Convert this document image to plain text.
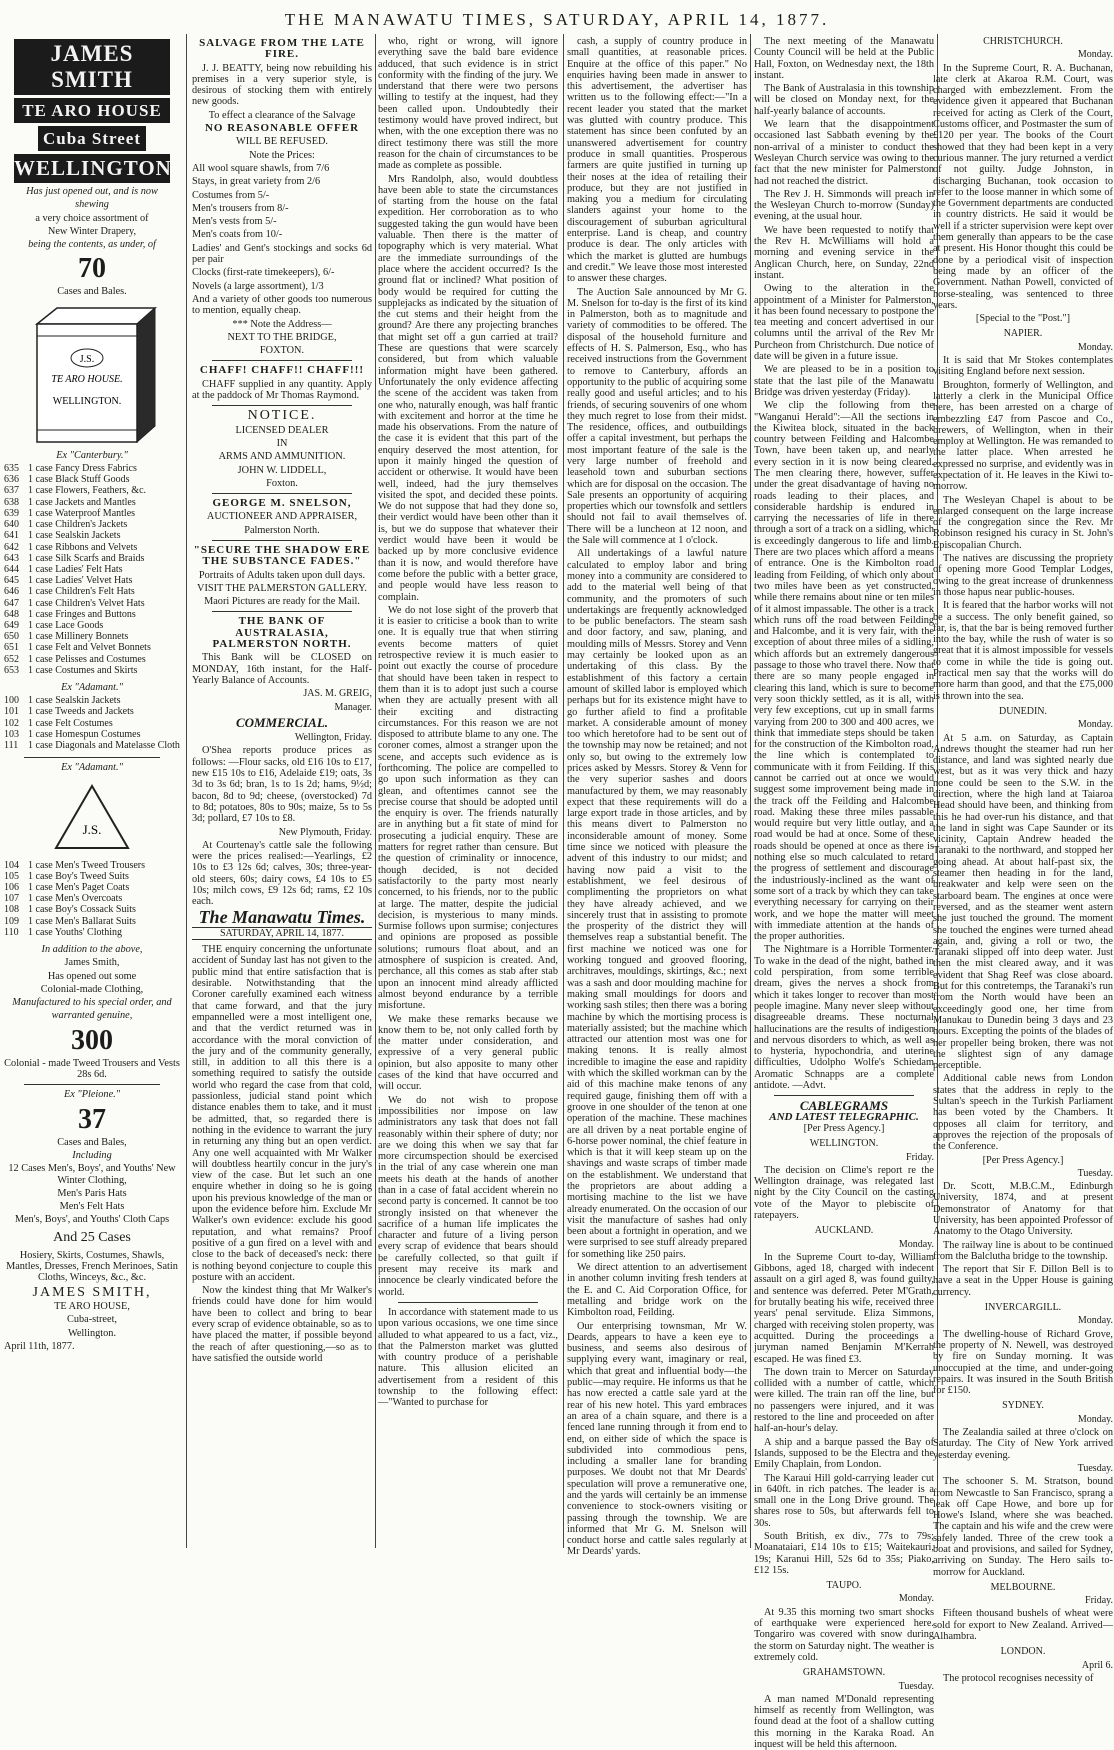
THE MANAWATU TIMES, SATURDAY, APRIL 14, 1877.
JAMES SMITH
TE ARO HOUSE
Cuba Street
WELLINGTON

Has just opened out, and is now

shewing

a very choice assortment of

New Winter Drapery,

being the contents, as under, of

70

Cases and Bales.

J.S.
TE ARO HOUSE.
WELLINGTON.

Ex "Canterbury."

635 1 case Fancy Dress Fabrics
636 1 case Black Stuff Goods
637 1 case Flowers, Feathers, &c.
638 1 case Jackets and Mantles
639 1 case Waterproof Mantles
640 1 case Children's Jackets
641 1 case Sealskin Jackets
642 1 case Ribbons and Velvets
643 1 case Silk Scarfs and Braids
644 1 case Ladies' Felt Hats
645 1 case Ladies' Velvet Hats
646 1 case Children's Felt Hats
647 1 case Children's Velvet Hats
648 1 case Fringes and Buttons
649 1 case Lace Goods
650 1 case Millinery Bonnets
651 1 case Felt and Velvet Bonnets
652 1 case Pelisses and Costumes
653 1 case Costumes and Skirts

Ex "Adamant."

100 1 case Sealskin Jackets
101 1 case Tweeds and Jackets
102 1 case Felt Costumes
103 1 case Homespun Costumes
111 1 case Diagonals and Matelasse Cloth

Ex "Adamant."

J.S.
104 1 case Men's Tweed Trousers
105 1 case Boy's Tweed Suits
106 1 case Men's Paget Coats
107 1 case Men's Overcoats
108 1 case Boy's Cossack Suits
109 1 case Men's Ballarat Suits
110 1 case Youths' Clothing

In addition to the above,

James Smith,

Has opened out some

Colonial-made Clothing,

Manufactured to his special order, and

warranted genuine,

300

Colonial - made Tweed Trousers and Vests 28s 6d.

Ex "Pleione."

37

Cases and Bales,

Including

12 Cases Men's, Boys', and Youths' New Winter Clothing,

Men's Paris Hats

Men's Felt Hats

Men's, Boys', and Youths' Cloth Caps

And 25 Cases

Hosiery, Skirts, Costumes, Shawls, Mantles, Dresses, French Merinoes, Satin Cloths, Winceys, &c., &c.

JAMES SMITH,

TE ARO HOUSE,

Cuba-street,

Wellington.

April 11th, 1877.

SALVAGE FROM THE LATE FIRE.

J. J. BEATTY, being now rebuilding his premises in a very superior style, is desirous of stocking them with entirely new goods.

To effect a clearance of the Salvage

NO REASONABLE OFFER

WILL BE REFUSED.

Note the Prices:

All wool square shawls, from 7/6

Stays, in great variety from 2/6

Costumes from 5/-

Men's trousers from 8/-

Men's vests from 5/-

Men's coats from 10/-

Ladies' and Gent's stockings and socks 6d per pair

Clocks (first-rate timekeepers), 6/-

Novels (a large assortment), 1/3

And a variety of other goods too numerous to mention, equally cheap.

*** Note the Address—

NEXT TO THE BRIDGE,

FOXTON.

CHAFF! CHAFF!! CHAFF!!!

CHAFF supplied in any quantity. Apply at the paddock of Mr Thomas Raymond.

NOTICE.

LICENSED DEALER

IN

ARMS AND AMMUNITION.

JOHN W. LIDDELL,

Foxton.

GEORGE M. SNELSON,

AUCTIONEER AND APPRAISER,

Palmerston North.

"SECURE THE SHADOW ERE THE SUBSTANCE FADES."

Portraits of Adults taken upon dull days.

VISIT THE PALMERSTON GALLERY.

Maori Pictures are ready for the Mail.

THE BANK OF AUSTRALASIA, PALMERSTON NORTH.

This Bank will be CLOSED on MONDAY, 16th instant, for the Half-Yearly Balance of Accounts.

JAS. M. GREIG,

Manager.

COMMERCIAL.

Wellington, Friday.

O'Shea reports produce prices as follows: —Flour sacks, old £16 10s to £17, new £15 10s to £16, Adelaide £19; oats, 3s 3d to 3s 6d; bran, 1s to 1s 2d; hams, 9½d; bacon, 8d to 9d; cheese, (overstocked) 7d to 8d; potatoes, 80s to 90s; maize, 5s to 5s 3d; pollard, £7 10s to £8.

New Plymouth, Friday.

At Courtenay's cattle sale the following were the prices realised:—Yearlings, £2 10s to £3 12s 6d; calves, 30s; three-year-old steers, 60s; dairy cows, £4 10s to £5 10s; milch cows, £9 12s 6d; rams, £2 10s each.

The Manawatu Times.
SATURDAY, APRIL 14, 1877.

THE enquiry concerning the unfortunate accident of Sunday last has not given to the public mind that entire satisfaction that is desirable. Notwithstanding that the Coroner carefully examined each witness that came forward, and that the jury empannelled were a most intelligent one, and that the verdict returned was in accordance with the moral conviction of the jury and of the community generally, still, in addition to all this there is a something required to satisfy the outside world who regard the case from that cold, passionless, judicial stand point which distance enables them to take, and it must be admitted, that, so regarded there is nothing in the evidence to warrant the jury in returning any thing but an open verdict. Any one well acquainted with Mr Walker will doubtless heartily concur in the jury's view of the case. But let such an one enquire whether in doing so he is going upon his previous knowledge of the man or upon the evidence before him. Exclude Mr Walker's own evidence: exclude his good reputation, and what remains? Proof positive of a gun fired on a level with and close to the back of deceased's neck: there is nothing beyond conjecture to couple this posture with an accident.

Now the kindest thing that Mr Walker's friends could have done for him would have been to collect and bring to bear every scrap of evidence obtainable, so as to have placed the matter, if possible beyond the reach of after questioning,—so as to have satisfied the outside world

who, right or wrong, will ignore everything save the bald bare evidence adduced, that such evidence is in strict conformity with the finding of the jury. We understand that there were two persons willing to testify at the inquest, had they been called upon. Undoubtedly their testimony would have proved indirect, but when, with the one exception there was no direct testimony there was still the more reason for the chain of circumstances to be made as complete as possible.

Mrs Randolph, also, would doubtless have been able to state the circumstances of starting from the house on the fatal expedition. Her corroboration as to who suggested taking the gun would have been valuable. Then there is the matter of topography which is very material. What are the immediate surroundings of the place where the accident occurred? Is the ground flat or inclined? What position of body would be required for cutting the supplejacks as indicated by the situation of the cut stems and their height from the ground? Are there any projecting branches that might set off a gun carried at trail? These are questions that were scarcely considered, but from which valuable information might have been gathered. Unfortunately the only evidence affecting the scene of the accident was taken from one who, naturally enough, was half frantic with excitement and horror at the time he made his observations. From the nature of the case it is evident that this part of the enquiry deserved the most attention, for upon it mainly hinged the question of accident or otherwise. It would have been well, indeed, had the jury themselves visited the spot, and decided these points. We do not suppose that had they done so, their verdict would have been other than it is, but we do suppose that whatever their verdict would have been it would be backed up by more conclusive evidence than it is now, and would therefore have come before the public with a better grace, and people would have less reason to complain.

We do not lose sight of the proverb that it is easier to criticise a book than to write one. It is equally true that when stirring events become matters of quiet retrospective review it is much easier to point out exactly the course of procedure that should have been taken in respect to them than it is to adopt just such a course when they are actually present with all their exciting and distracting circumstances. For this reason we are not disposed to attribute blame to any one. The coroner comes, almost a stranger upon the scene, and accepts such evidence as is forthcoming. The police are compelled to go upon such information as they can glean, and oftentimes cannot see the precise course that should be adopted until the enquiry is over. The friends naturally are in anything but a fit state of mind for prosecuting a judicial enquiry. These are matters for regret rather than censure. But the question of criminality or innocence, though decided, is not decided satisfactorily to the party most nearly concerned, to his friends, nor to the public at large. The matter, despite the judicial decision, is mysterious to many minds. Surmise follows upon surmise; conjectures and opinions are proposed as possible solutions; rumours float about, and an atmosphere of suspicion is created. And, perchance, all this comes as stab after stab upon an innocent mind already afflicted almost beyond endurance by a terrible misfortune.

We make these remarks because we know them to be, not only called forth by the matter under consideration, and expressive of a very general public opinion, but also apposite to many other cases of the kind that have occurred and will occur.

We do not wish to propose impossibilities nor impose on law administrators any task that does not fall reasonably within their sphere of duty; nor are we doing this when we say that far more circumspection should be exercised in the trial of any case wherein one man meets his death at the hands of another than in a case of fatal accident wherein no second party is concerned. It cannot be too strongly insisted on that whenever the sacrifice of a human life implicates the character and future of a living person every scrap of evidence that bears should be carefully collected, so that guilt if present may receive its mark and innocence be clearly vindicated before the world.

In accordance with statement made to us upon various occasions, we one time since alluded to what appeared to us a fact, viz., that the Palmerston market was glutted with country produce of a perishable nature. This allusion elicited an advertisement from a resident of this township to the following effect:—"Wanted to purchase for

cash, a supply of country produce in small quantities, at reasonable prices. Enquire at the office of this paper." No enquiries having been made in answer to this advertisement, the advertiser has written us to the following effect:—"In a recent leader you stated that the market was glutted with country produce. This statement has since been confuted by an unanswered advertisement for country produce in small quantities. Prosperous farmers are quite justified in turning up their noses at the idea of retailing their produce, but they are not justified in making you a medium for circulating slanders against your home to the discouragement of suburban agricultural enterprise. Land is cheap, and country produce is dear. The only articles with which the market is glutted are humbugs and credit." We leave those most interested to answer these charges.

The Auction Sale announced by Mr G. M. Snelson for to-day is the first of its kind in Palmerston, both as to magnitude and variety of commodities to be offered. The disposal of the household furniture and effects of H. S. Palmerson, Esq., who has received instructions from the Government to remove to Canterbury, affords an opportunity to the public of acquiring some really good and useful articles; and to his friends, of securing souvenirs of one whom they much regret to lose from their midst. The residence, offices, and outbuildings offer a capital investment, but perhaps the most important feature of the sale is the very large number of freehold and leasehold town and suburban sections which are for disposal on the occasion. The Sale presents an opportunity of acquiring properties which our townsfolk and settlers should not fail to avail themselves of. There will be a luncheon at 12 noon, and the Sale will commence at 1 o'clock.

All undertakings of a lawful nature calculated to employ labor and bring money into a community are considered to add to the material well being of that community, and the promoters of such undertakings are frequently acknowledged to be public benefactors. The steam sash and door factory, and saw, planing, and moulding mills of Messrs. Storey and Venn may certainly be looked upon as an undertaking of this class. By the establishment of this factory a certain amount of skilled labor is employed which perhaps but for its existence might have to go further afield to find a profitable market. A considerable amount of money too which heretofore had to be sent out of the township may now be retained; and not only so, but owing to the extremely low prices asked by Messrs. Storey & Venn for the very superior sashes and doors manufactured by them, we may reasonably expect that these requirements will do a large export trade in those articles, and by this means divert to Palmerston no inconsiderable amount of money. Some time since we noticed with pleasure the advent of this industry to our midst; and having now paid a visit to the establishment, we feel desirous of complimenting the proprietors on what they have already achieved, and we sincerely trust that in assisting to promote the prosperity of the district they will themselves reap a substantial benefit. The first machine we noticed was one for working tongued and grooved flooring, architraves, mouldings, skirtings, &c.; next was a sash and door moulding machine for making small mouldings for doors and working sash stiles; then there was a boring machine by which the mortising process is materially assisted; but the machine which attracted our attention most was one for making tenons. It is really almost incredible to imagine the ease and rapidity with which the skilled workman can by the aid of this machine make tenons of any required gauge, finishing them off with a groove in one shoulder of the tenon at one operation of the machine. These machines are all driven by a neat portable engine of 6-horse power nominal, the chief feature in which is that it will keep steam up on the shavings and waste scraps of timber made on the establishment. We understand that the proprietors are about adding a mortising machine to the list we have already enumerated. On the occasion of our visit the manufacture of sashes had only been about a fortnight in operation, and we were surprised to see stuff already prepared for something like 250 pairs.

We direct attention to an advertisement in another column inviting fresh tenders at the E. and C. Aid Corporation Office, for metalling and bridge work on the Kimbolton road, Feilding.

Our enterprising townsman, Mr W. Deards, appears to have a keen eye to business, and seems also desirous of supplying every want, imaginary or real, which that great and influential body—the public—may require. He informs us that he has now erected a cattle sale yard at the rear of his new hotel. This yard embraces an area of a chain square, and there is a fenced lane running through it from end to end, on either side of which the space is subdivided into commodious pens, including a smaller lane for branding purposes. We doubt not that Mr Deards' speculation will prove a remunerative one, and the yards will certainly be an immense convenience to stock-owners visiting or passing through the township. We are informed that Mr G. M. Snelson will conduct horse and cattle sales regularly at Mr Deards' yards.

The next meeting of the Manawatu County Council will be held at the Public Hall, Foxton, on Wednesday next, the 18th instant.

The Bank of Australasia in this township will be closed on Monday next, for the half-yearly balance of accounts.

We learn that the disappointment occasioned last Sabbath evening by the non-arrival of a minister to conduct the Wesleyan Church service was owing to the fact that the new minister for Palmerston had not reached the district.

The Rev J. H. Simmonds will preach in the Wesleyan Church to-morrow (Sunday) evening, at the usual hour.

We have been requested to notify that the Rev H. McWilliams will hold a morning and evening service in the Anglican Church, here, on Sunday, 22nd instant.

Owing to the alteration in the appointment of a Minister for Palmerston, it has been found necessary to postpone the tea meeting and concert advertised in our columns until the arrival of the Rev Mr Purcheon from Christchurch. Due notice of date will be given in a future issue.

We are pleased to be in a position to state that the last pile of the Manawatu Bridge was driven yesterday (Friday).

We clip the following from the "Wanganui Herald":—All the sections in the Kiwitea block, situated in the back country between Feilding and Halcombe Town, have been taken up, and nearly every section in it is now being cleared. The men clearing there, however, suffer under the great disadvantage of having no roads leading to their places, and considerable hardship is endured in carrying the necessaries of life in there through a sort of a track on a sidling, which is exceedingly dangerous to life and limb. There are two places which afford a means of entrance. One is the Kimbolton road leading from Feilding, of which only about two miles have been as yet constructed, while there remains about nine or ten miles of it almost impassable. The other is a track which runs off the road between Feilding and Halcombe, and it is very fair, with the exception of about three miles of a sidling, which affords but an extremely dangerous passage to those who travel there. Now that there are so many people engaged in clearing this land, which is sure to become very soon thickly settled, as it is all, with very few exceptions, cut up in small farms varying from 200 to 300 and 400 acres, we think that immediate steps should be taken for the construction of the Kimbolton road, the line which is contemplated to communicate with it from Feilding. If this cannot be carried out at once we would suggest some improvement being made in the track off the Feilding and Halcombe road. Making these three miles passable would require but very little outlay, and a road would be had at once. Some of these roads should be opened at once as there is nothing else so much calculated to retard the progress of settlement and discourage the industriously-inclined as the want of some sort of a track by which they can take everything necessary for carrying on their work, and we hope the matter will meet with immediate attention at the hands of the proper authorities.

The Nightmare is a Horrible Tormenter. To wake in the dead of the night, bathed in cold perspiration, from some terrible dream, gives the nerves a shock from which it takes longer to recover than most people imagine. Many never sleep without disagreeable dreams. These nocturnal hallucinations are the results of indigestion and nervous disorders to which, as well as to hysteria, hypochondria, and uterine difficulties, Udolpho Wolfe's Schiedam Aromatic Schnapps are a complete antidote. —Advt.

CABLEGRAMS
AND LATEST TELEGRAPHIC.

[Per Press Agency.]

WELLINGTON.

Friday.

The decision on Clime's report re the Wellington drainage, was relegated last night by the City Council on the casting vote of the Mayor to plebiscite of ratepayers.

AUCKLAND.

Monday.

In the Supreme Court to-day, William Gibbons, aged 18, charged with indecent assault on a girl aged 8, was found guilty, and sentence was deferred. Peter M'Grath, for brutally beating his wife, received three years' penal servitude. Eliza Simmons, charged with receiving stolen property, was acquitted. During the proceedings a juryman named Benjamin M'Kerrah escaped. He was fined £3.

The down train to Mercer on Saturday collided with a number of cattle, which were killed. The train ran off the line, but no passengers were injured, and it was restored to the line and proceeded on after half-an-hour's delay.

A ship and a barque passed the Bay of Islands, supposed to be the Electra and the Emily Chaplain, from London.

The Karaui Hill gold-carrying leader cut in 640ft. in rich patches. The leader is a small one in the Long Drive ground. The shares rose to 50s, but afterwards fell to 30s.

South British, ex div., 77s to 79s; Moanataiari, £14 10s to £15; Waitekauri, 19s; Karanui Hill, 52s 6d to 35s; Piako, £12 15s.

TAUPO.

Monday.

At 9.35 this morning two smart shocks of earthquake were experienced here. Tongariro was covered with snow during the storm on Saturday night. The weather is extremely cold.

GRAHAMSTOWN.

Tuesday.

A man named M'Donald representing himself as recently from Wellington, was found dead at the foot of a shallow cutting this morning in the Karaka Road. An inquest will be held this afternoon.

CHRISTCHURCH.

Monday.

In the Supreme Court, R. A. Buchanan, late clerk at Akaroa R.M. Court, was charged with embezzlement. From the evidence given it appeared that Buchanan received for acting as Clerk of the Court, Customs officer, and Postmaster the sum of £120 per year. The books of the Court showed that they had been kept in a very curious manner. The jury returned a verdict of not guilty. Judge Johnston, in discharging Buchanan, took occasion to refer to the loose manner in which some of the Government departments are conducted in country districts. He said it would be well if a stricter supervision were kept over them generally than appears to be the case at present. His Honor thought this could be done by a periodical visit of inspection being made by an officer of the Government. Nathan Powell, convicted of horse-stealing, was sentenced to three years.

[Special to the "Post."]

NAPIER.

Monday.

It is said that Mr Stokes contemplates visiting England before next session.

Broughton, formerly of Wellington, and latterly a clerk in the Municipal Office here, has been arrested on a charge of embezzling £47 from Pascoe and Co., brewers, of Wellington, when in their employ at Wellington. He was remanded to the latter place. When arrested he expressed no surprise, and evidently was in expectation of it. He leaves in the Kiwi to-morrow.

The Wesleyan Chapel is about to be enlarged consequent on the large increase of the congregation since the Rev. Mr Robinson resigned his curacy in St. John's Episcopalian Church.

The natives are discussing the propriety of opening more Good Templar Lodges, owing to the great increase of drunkenness in those hapus near public-houses.

It is feared that the harbor works will not be a success. The only benefit gained, so far, is, that the bar is being removed further into the bay, while the rush of water is so great that it is almost impossible for vessels to come in while the tide is going out. Practical men say that the works will do more harm than good, and that the £75,000 is thrown into the sea.

DUNEDIN.

Monday.

At 5 a.m. on Saturday, as Captain Andrews thought the steamer had run her distance, and land was sighted nearly due west, but as it was very thick and hazy none could be seen to the S.W. in the direction, where the high land at Taiaroa Head should have been, and thinking from this he had over-run his distance, and that the land in sight was Cape Saunder or its vicinity, Captain Andrew headed the Taranaki to the northward, and stopped her going ahead. At about half-past six, the steamer then heading in for the land, breakwater and kelp were seen on the starboard beam. The engines at once were reversed, and as the steamer went astern she just touched the ground. The moment she touched the engines were turned ahead again, and, giving a roll or two, the Taranaki slipped off into deep water. Just then the mist cleared away, and it was evident that Shag Reef was close aboard. But for this contretemps, the Taranaki's run from the North would have been an exceedingly good one, her time from Manukau to Dunedin being 3 days and 23 hours. Excepting the points of the blades of her propeller being broken, there was not the slightest sign of any damage perceptible.

Additional cable news from London states that the address in reply to the Sultan's speech in the Turkish Parliament has been voted by the Chambers. It opposes all claim for territory, and approves the rejection of the proposals of the Conference.

[Per Press Agency.]

Tuesday.

Dr. Scott, M.B.C.M., Edinburgh University, 1874, and at present Demonstrator of Anatomy for that University, has been appointed Professor of Anatomy to the Otago University.

The railway line is about to be continued from the Balclutha bridge to the township.

The report that Sir F. Dillon Bell is to have a seat in the Upper House is gaining currency.

INVERCARGILL.

Monday.

The dwelling-house of Richard Grove, the property of N. Newell, was destroyed by fire on Sunday morning. It was unoccupied at the time, and under-going repairs. It was insured in the South British for £150.

SYDNEY.

Monday.

The Zealandia sailed at three o'clock on Saturday. The City of New York arrived yesterday evening.

Tuesday.

The schooner S. M. Stratson, bound from Newcastle to San Francisco, sprang a leak off Cape Howe, and bore up for Howe's Island, where she was beached. The captain and his wife and the crew were safely landed. Three of the crew took a boat and provisions, and sailed for Sydney, arriving on Sunday. The Hero sails to-morrow for Auckland.

MELBOURNE.

Friday.

Fifteen thousand bushels of wheat were sold for export to New Zealand. Arrived—Alhambra.

LONDON.

April 6.

The protocol recognises necessity of
